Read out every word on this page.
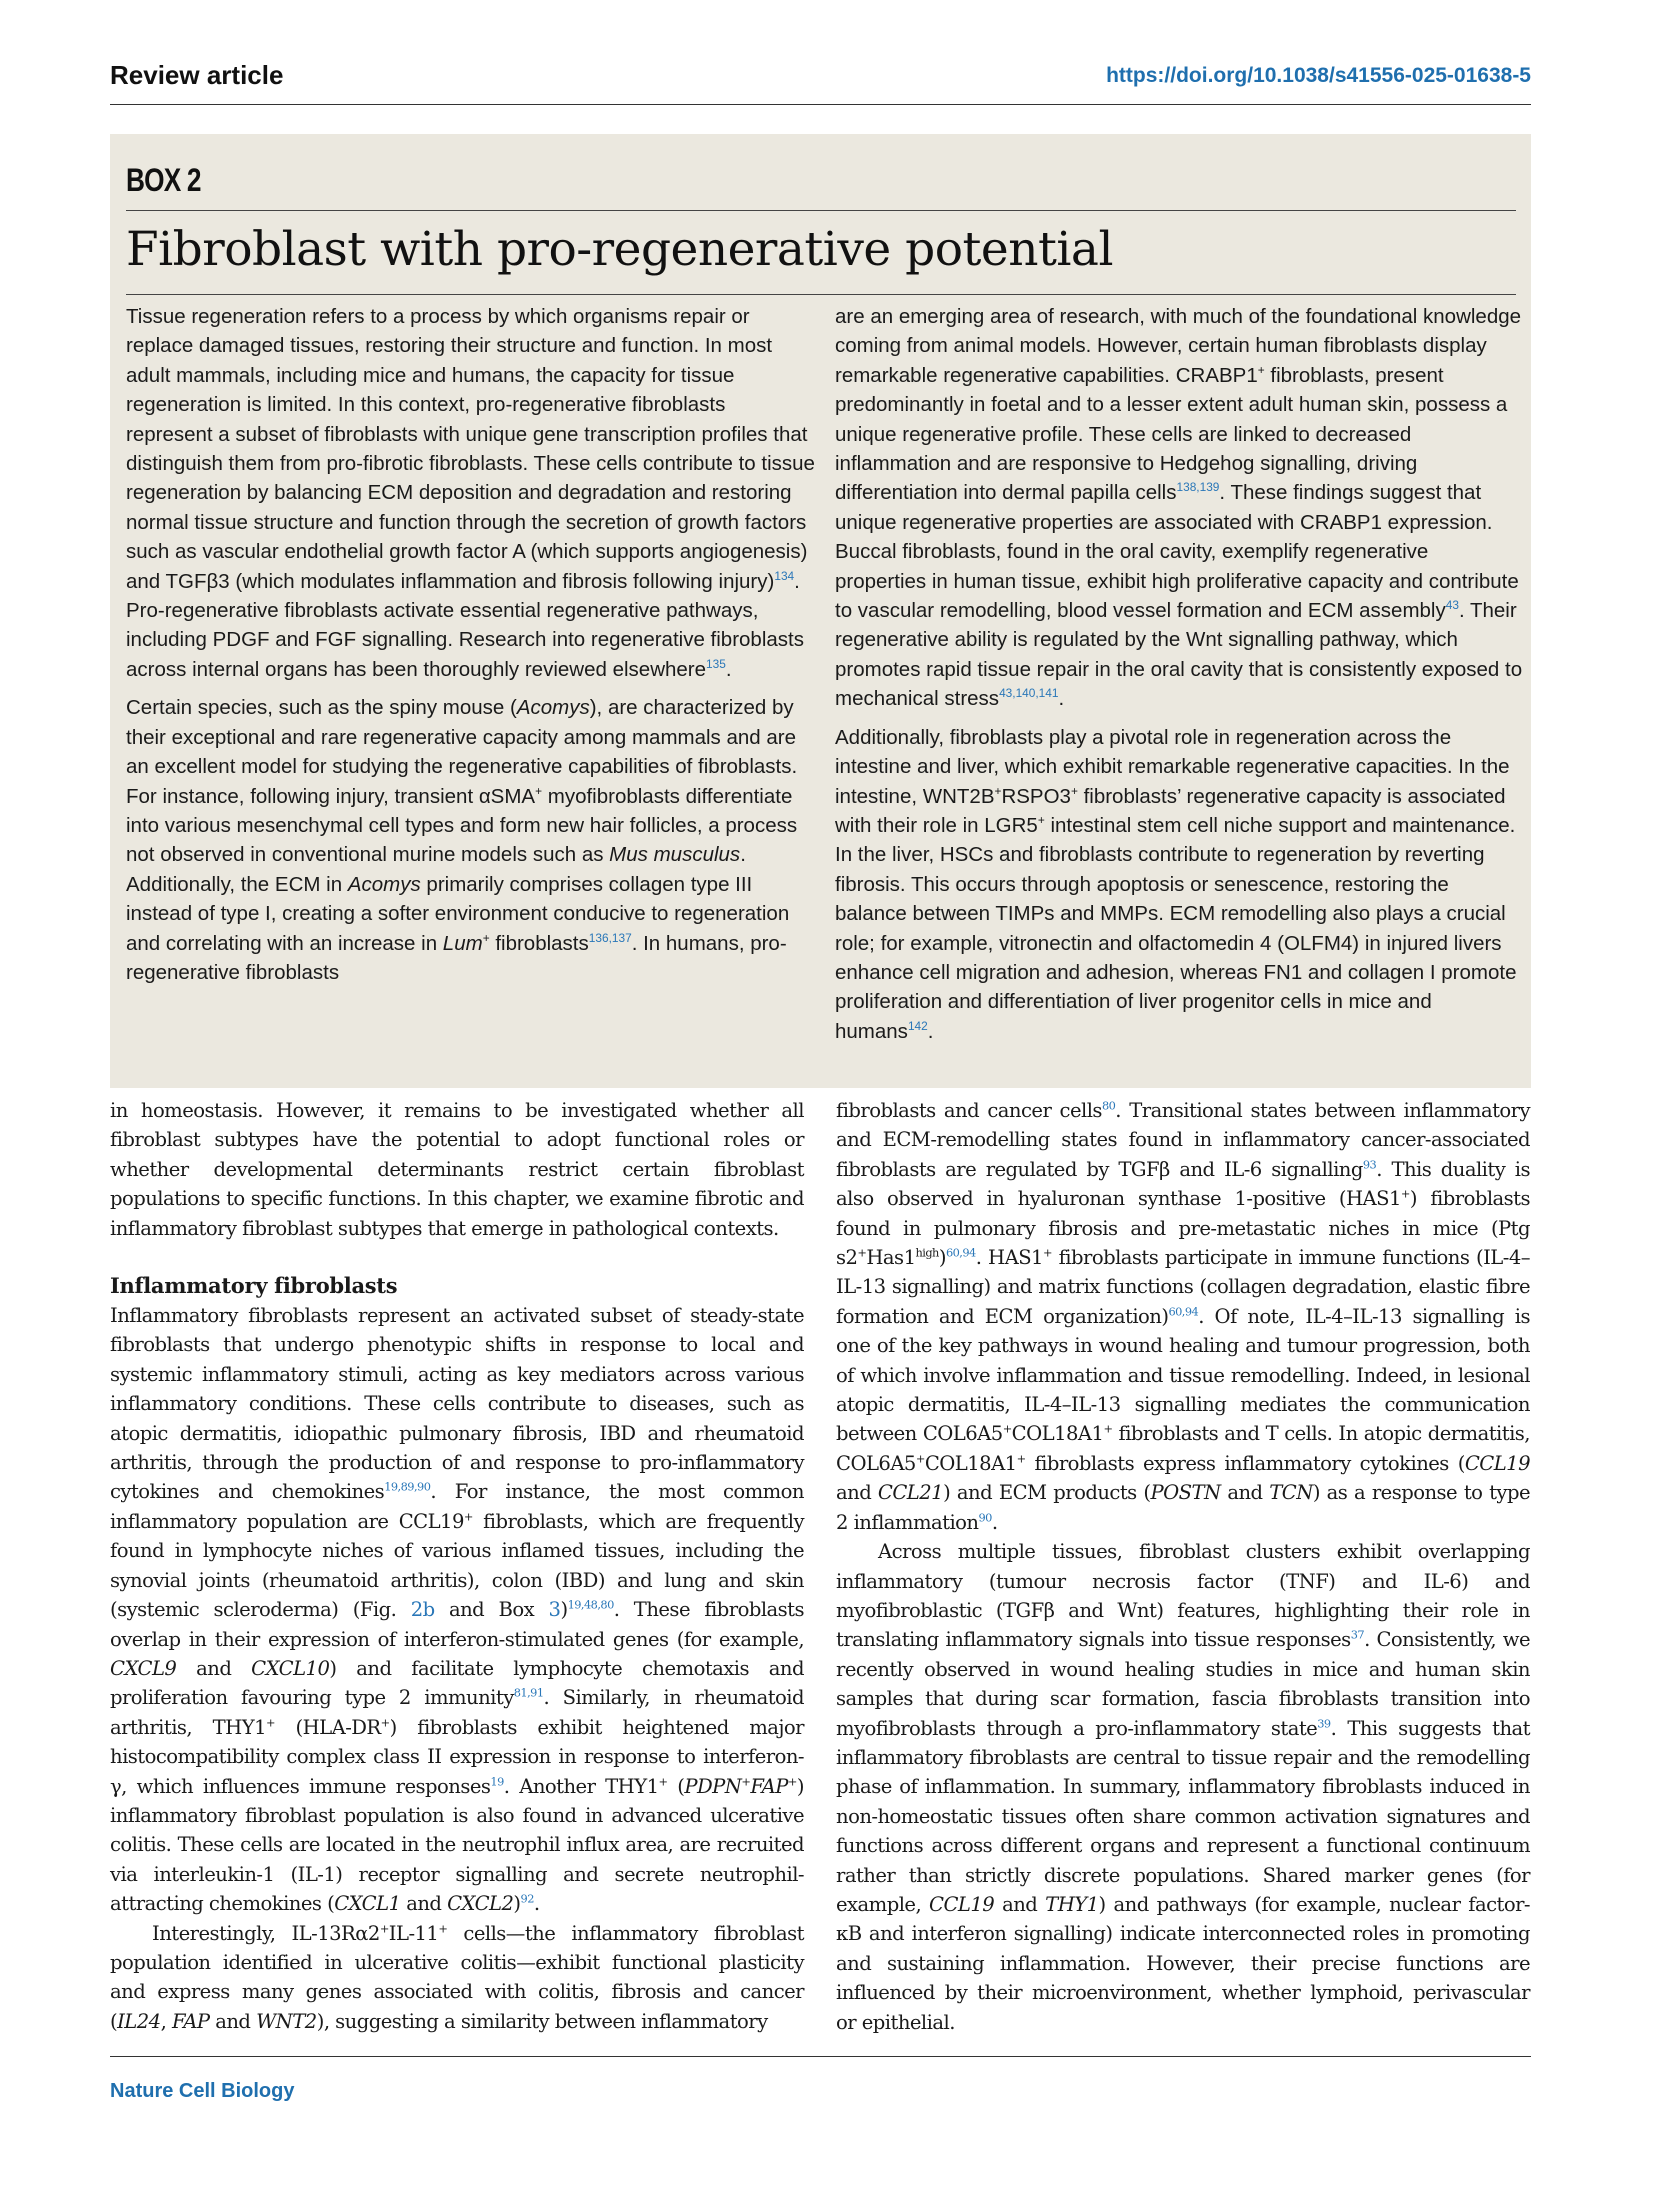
Review article	https://doi.org/10.1038/s41556-025-01638-5
BOX 2
Fibroblast with pro-regenerative potential

Tissue regeneration refers to a process by which organisms repair or replace damaged tissues, restoring their structure and function. In most adult mammals, including mice and humans, the capacity for tissue regeneration is limited. In this context, pro-regenerative fibroblasts represent a subset of fibroblasts with unique gene transcription profiles that distinguish them from pro-fibrotic fibroblasts. These cells contribute to tissue regeneration by balancing ECM deposition and degradation and restoring normal tissue structure and function through the secretion of growth factors such as vascular endothelial growth factor A (which supports angiogenesis) and TGFβ3 (which modulates inflammation and fibrosis following injury)$^{134}$. Pro-regenerative fibroblasts activate essential regenerative pathways, including PDGF and FGF signalling. Research into regenerative fibroblasts across internal organs has been thoroughly reviewed elsewhere$^{135}$.

Certain species, such as the spiny mouse (Acomys), are characterized by their exceptional and rare regenerative capacity among mammals and are an excellent model for studying the regenerative capabilities of fibroblasts. For instance, following injury, transient αSMA+ myofibroblasts differentiate into various mesenchymal cell types and form new hair follicles, a process not observed in conventional murine models such as Mus musculus. Additionally, the ECM in Acomys primarily comprises collagen type III instead of type I, creating a softer environment conducive to regeneration and correlating with an increase in Lum+ fibroblasts$^{136,137}$. In humans, pro-regenerative fibroblasts

are an emerging area of research, with much of the foundational knowledge coming from animal models. However, certain human fibroblasts display remarkable regenerative capabilities. CRABP1+ fibroblasts, present predominantly in foetal and to a lesser extent adult human skin, possess a unique regenerative profile. These cells are linked to decreased inflammation and are responsive to Hedgehog signalling, driving differentiation into dermal papilla cells$^{138,139}$. These findings suggest that unique regenerative properties are associated with CRABP1 expression. Buccal fibroblasts, found in the oral cavity, exemplify regenerative properties in human tissue, exhibit high proliferative capacity and contribute to vascular remodelling, blood vessel formation and ECM assembly$^{43}$. Their regenerative ability is regulated by the Wnt signalling pathway, which promotes rapid tissue repair in the oral cavity that is consistently exposed to mechanical stress$^{43,140,141}$.

Additionally, fibroblasts play a pivotal role in regeneration across the intestine and liver, which exhibit remarkable regenerative capacities. In the intestine, WNT2B+RSPO3+ fibroblasts’ regenerative capacity is associated with their role in LGR5+ intestinal stem cell niche support and maintenance. In the liver, HSCs and fibroblasts contribute to regeneration by reverting fibrosis. This occurs through apoptosis or senescence, restoring the balance between TIMPs and MMPs. ECM remodelling also plays a crucial role; for example, vitronectin and olfactomedin 4 (OLFM4) in injured livers enhance cell migration and adhesion, whereas FN1 and collagen I promote proliferation and differentiation of liver progenitor cells in mice and humans$^{142}$.

in homeostasis. However, it remains to be investigated whether all fibroblast subtypes have the potential to adopt functional roles or whether developmental determinants restrict certain fibroblast populations to specific functions. In this chapter, we examine fibrotic and inflammatory fibroblast subtypes that emerge in pathological contexts.

Inflammatory fibroblasts

Inflammatory fibroblasts represent an activated subset of steady-state fibroblasts that undergo phenotypic shifts in response to local and systemic inflammatory stimuli, acting as key mediators across various inflammatory conditions. These cells contribute to diseases, such as atopic dermatitis, idiopathic pulmonary fibrosis, IBD and rheumatoid arthritis, through the production of and response to pro-inflammatory cytokines and chemokines$^{19,89,90}$. For instance, the most common inflammatory population are CCL19+ fibroblasts, which are frequently found in lymphocyte niches of various inflamed tissues, including the synovial joints (rheumatoid arthritis), colon (IBD) and lung and skin (systemic scleroderma) (Fig. 2b and Box 3)$^{19,48,80}$. These fibroblasts overlap in their expression of interferon-stimulated genes (for example, CXCL9 and CXCL10) and facilitate lymphocyte chemotaxis and proliferation favouring type 2 immunity$^{81,91}$. Similarly, in rheumatoid arthritis, THY1+ (HLA-DR+) fibroblasts exhibit heightened major histocompatibility complex class II expression in response to interferon-γ, which influences immune responses$^{19}$. Another THY1+ (PDPN+FAP+) inflammatory fibroblast population is also found in advanced ulcerative colitis. These cells are located in the neutrophil influx area, are recruited via interleukin-1 (IL-1) receptor signalling and secrete neutrophil-attracting chemokines (CXCL1 and CXCL2)$^{92}$.

Interestingly, IL-13Rα2+IL-11+ cells—the inflammatory fibroblast population identified in ulcerative colitis—exhibit functional plasticity and express many genes associated with colitis, fibrosis and cancer (IL24, FAP and WNT2), suggesting a similarity between inflammatory

fibroblasts and cancer cells$^{80}$. Transitional states between inflammatory and ECM-remodelling states found in inflammatory cancer-associated fibroblasts are regulated by TGFβ and IL-6 signalling$^{93}$. This duality is also observed in hyaluronan synthase 1-positive (HAS1+) fibroblasts found in pulmonary fibrosis and pre-metastatic niches in mice (Ptg $s2^+Has1^{high})^{60,94}$. HAS1+ fibroblasts participate in immune functions (IL-4–IL-13 signalling) and matrix functions (collagen degradation, elastic fibre formation and ECM organization)$^{60,94}$. Of note, IL-4–IL-13 signalling is one of the key pathways in wound healing and tumour progression, both of which involve inflammation and tissue remodelling. Indeed, in lesional atopic dermatitis, IL-4–IL-13 signalling mediates the communication between COL6A5+COL18A1+ fibroblasts and T cells. In atopic dermatitis, COL6A5+COL18A1+ fibroblasts express inflammatory cytokines (CCL19 and CCL21) and ECM products (POSTN and TCN) as a response to type 2 inflammation$^{90}$.

Across multiple tissues, fibroblast clusters exhibit overlapping inflammatory (tumour necrosis factor (TNF) and IL-6) and myofibroblastic (TGFβ and Wnt) features, highlighting their role in translating inflammatory signals into tissue responses$^{37}$. Consistently, we recently observed in wound healing studies in mice and human skin samples that during scar formation, fascia fibroblasts transition into myofibroblasts through a pro-inflammatory state$^{39}$. This suggests that inflammatory fibroblasts are central to tissue repair and the remodelling phase of inflammation. In summary, inflammatory fibroblasts induced in non-homeostatic tissues often share common activation signatures and functions across different organs and represent a functional continuum rather than strictly discrete populations. Shared marker genes (for example, CCL19 and THY1) and pathways (for example, nuclear factor-κB and interferon signalling) indicate interconnected roles in promoting and sustaining inflammation. However, their precise functions are influenced by their microenvironment, whether lymphoid, perivascular or epithelial.

Nature Cell Biology
